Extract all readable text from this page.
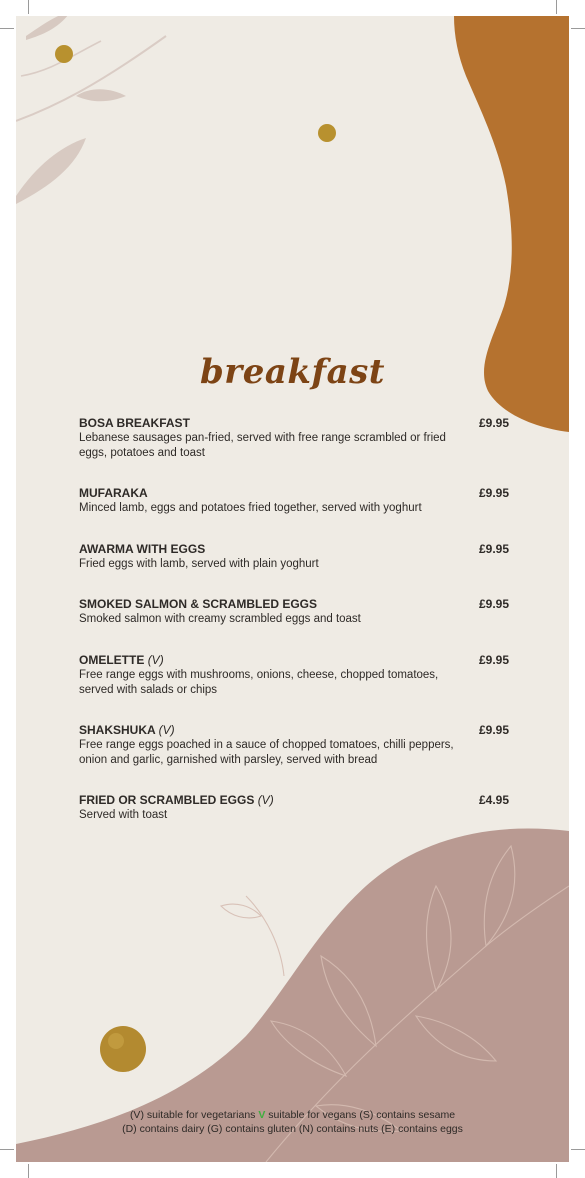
breakfast
BOSA BREAKFAST
Lebanese sausages pan-fried, served with free range scrambled or fried eggs, potatoes and toast
£9.95
MUFARAKA
Minced lamb, eggs and potatoes fried together, served with yoghurt
£9.95
AWARMA WITH EGGS
Fried eggs with lamb, served with plain yoghurt
£9.95
SMOKED SALMON & SCRAMBLED EGGS
Smoked salmon with creamy scrambled eggs and toast
£9.95
OMELETTE (V)
Free range eggs with mushrooms, onions, cheese, chopped tomatoes, served with salads or chips
£9.95
SHAKSHUKA (V)
Free range eggs poached in a sauce of chopped tomatoes, chilli peppers, onion and garlic, garnished with parsley, served with bread
£9.95
FRIED OR SCRAMBLED EGGS (V)
Served with toast
£4.95
(V) suitable for vegetarians V suitable for vegans (S) contains sesame
(D) contains dairy (G) contains gluten (N) contains nuts (E) contains eggs
